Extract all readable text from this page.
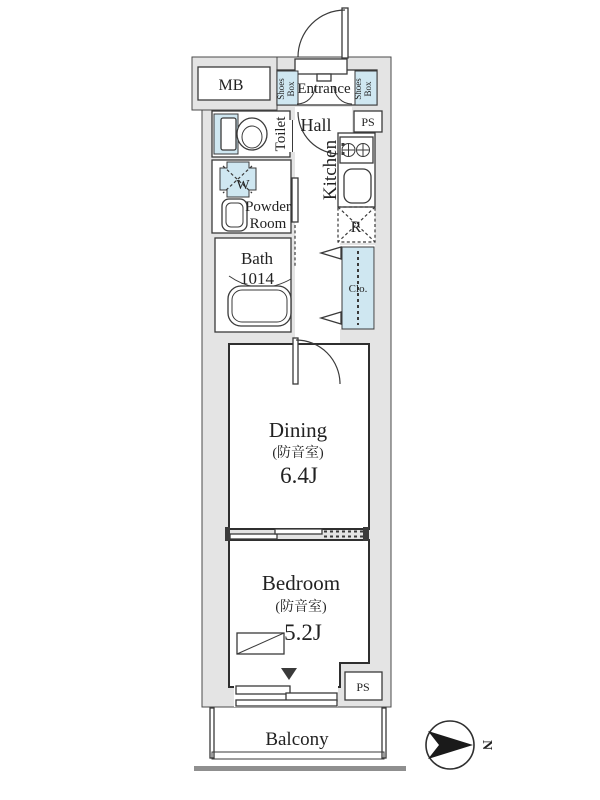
N
MB	Entrance
Shoes Box	Shoes Box
PS
Toilet Hall
Kitchen
W
Powder
Room
Bath
1014
R
Clo.
Dining
(防音室)
6.4J
Bedroom
(防音室)
5.2J
PS
Balcony
